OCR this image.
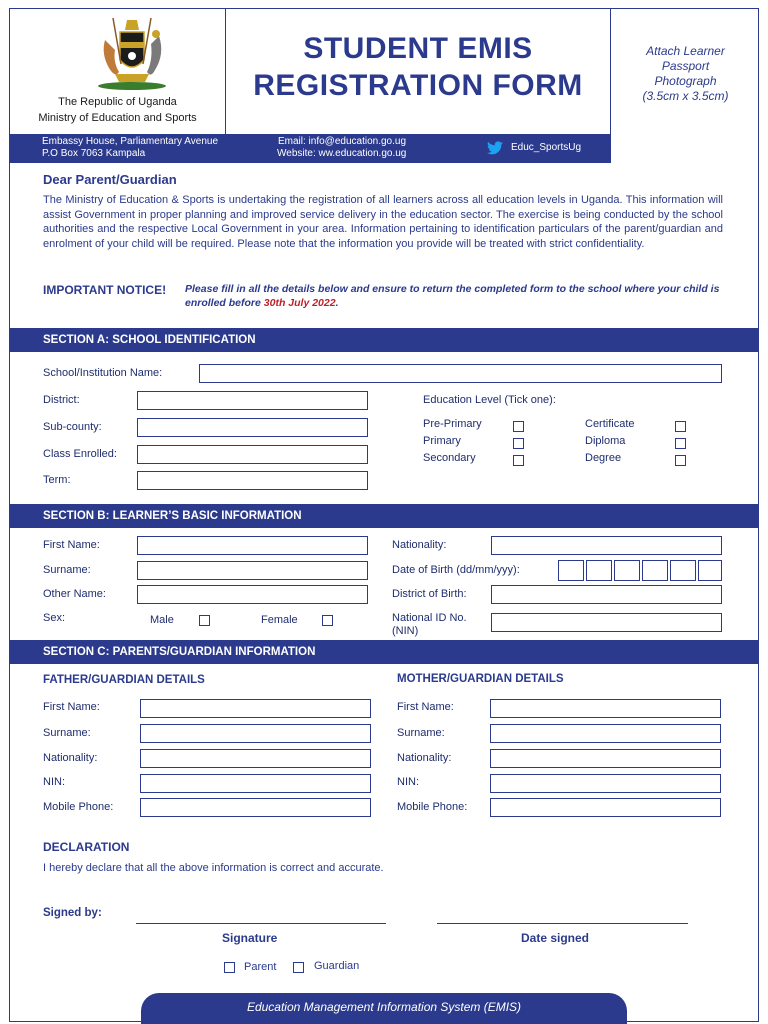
The Republic of Uganda
Ministry of Education and Sports
STUDENT EMIS
REGISTRATION FORM
Attach Learner
Passport
Photograph
(3.5cm x 3.5cm)
Embassy House, Parliamentary Avenue
P.O Box 7063 Kampala
Email: info@education.go.ug
Website: ww.education.go.ug
Educ_SportsUg
Dear Parent/Guardian
The Ministry of Education & Sports is undertaking the registration of all learners across all education levels in Uganda. This information will assist Government in proper planning and improved service delivery in the education sector. The exercise is being conducted by the school authorities and the respective Local Government in your area. Information pertaining to identification particulars of the parent/guardian and enrolment of your child will be required. Please note that the information you provide will be treated with strict confidentiality.
IMPORTANT NOTICE! Please fill in all the details below and ensure to return the completed form to the school where your child is enrolled before 30th July 2022.
SECTION A: SCHOOL IDENTIFICATION
School/Institution Name:
District:
Sub-county:
Class Enrolled:
Term:
Education Level (Tick one):
Pre-Primary
Primary
Secondary
Certificate
Diploma
Degree
SECTION B: LEARNER’S BASIC INFORMATION
First Name:
Surname:
Other Name:
Sex:	Male	Female
Nationality:
Date of Birth (dd/mm/yyy):
District of Birth:
National ID No.
(NIN)
SECTION C: PARENTS/GUARDIAN INFORMATION
FATHER/GUARDIAN DETAILS	MOTHER/GUARDIAN DETAILS
First Name:
Surname:
Nationality:
NIN:
Mobile Phone:
First Name:
Surname:
Nationality:
NIN:
Mobile Phone:
DECLARATION
I hereby declare that all the above information is correct and accurate.
Signed by:
Signature	Date signed
Parent	Guardian
Education Management Information System (EMIS)
